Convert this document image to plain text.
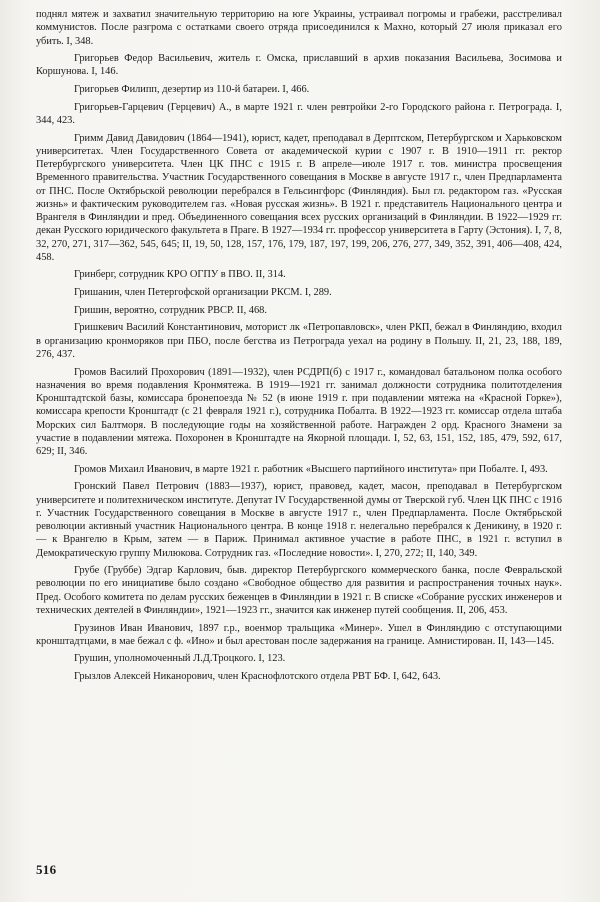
поднял мятеж и захватил значительную территорию на юге Украины, устраивал погромы и грабежи, расстреливал коммунистов. После разгрома с остатками своего отряда присоединился к Махно, который 27 июля приказал его убить. I, 348.

Григорьев Федор Васильевич, житель г. Омска, приславший в архив показания Васильева, Зосимова и Коршунова. I, 146.

Григорьев Филипп, дезертир из 110-й батареи. I, 466.

Григорьев-Гарцевич (Герцевич) А., в марте 1921 г. член ревтройки 2-го Городского района г. Петрограда. I, 344, 423.

Гримм Давид Давидович (1864—1941), юрист, кадет, преподавал в Дерптском, Петербургском и Харьковском университетах. Член Государственного Совета от академической курии с 1907 г. В 1910—1911 гг. ректор Петербургского университета. Член ЦК ПНС с 1915 г. В апреле—июле 1917 г. тов. министра просвещения Временного правительства. Участник Государственного совещания в Москве в августе 1917 г., член Предпарламента от ПНС. После Октябрьской революции перебрался в Гельсингфорс (Финляндия). Был гл. редактором газ. «Русская жизнь» и фактическим руководителем газ. «Новая русская жизнь». В 1921 г. представитель Национального центра и Врангеля в Финляндии и пред. Объединенного совещания всех русских организаций в Финляндии. В 1922—1929 гг. декан Русского юридического факультета в Праге. В 1927—1934 гг. профессор университета в Гарту (Эстония). I, 7, 8, 32, 270, 271, 317—362, 545, 645; II, 19, 50, 128, 157, 176, 179, 187, 197, 199, 206, 276, 277, 349, 352, 391, 406—408, 424, 458.

Гринберг, сотрудник КРО ОГПУ в ПВО. II, 314.

Гришанин, член Петергофской организации РКСМ. I, 289.

Гришин, вероятно, сотрудник РВСР. II, 468.

Гришкевич Василий Константинович, моторист лк «Петропавловск», член РКП, бежал в Финляндию, входил в организацию кронморяков при ПБО, после бегства из Петрограда уехал на родину в Польшу. II, 21, 23, 188, 189, 276, 437.

Громов Василий Прохорович (1891—1932), член РСДРП(б) с 1917 г., командовал батальоном полка особого назначения во время подавления Кронмятежа. В 1919—1921 гг. занимал должности сотрудника политотделения Кронштадтской базы, комиссара бронепоезда № 52 (в июне 1919 г. при подавлении мятежа на «Красной Горке»), комиссара крепости Кронштадт (с 21 февраля 1921 г.), сотрудника Побалта. В 1922—1923 гг. комиссар отдела штаба Морских сил Балтморя. В последующие годы на хозяйственной работе. Награжден 2 орд. Красного Знамени за участие в подавлении мятежа. Похоронен в Кронштадте на Якорной площади. I, 52, 63, 151, 152, 185, 479, 592, 617, 629; II, 346.

Громов Михаил Иванович, в марте 1921 г. работник «Высшего партийного института» при Побалте. I, 493.

Гронский Павел Петрович (1883—1937), юрист, правовед, кадет, масон, преподавал в Петербургском университете и политехническом институте. Депутат IV Государственной думы от Тверской губ. Член ЦК ПНС с 1916 г. Участник Государственного совещания в Москве в августе 1917 г., член Предпарламента. После Октябрьской революции активный участник Национального центра. В конце 1918 г. нелегально перебрался к Деникину, в 1920 г. — к Врангелю в Крым, затем — в Париж. Принимал активное участие в работе ПНС, в 1921 г. вступил в Демократическую группу Милюкова. Сотрудник газ. «Последние новости». I, 270, 272; II, 140, 349.

Грубе (Груббе) Эдгар Карлович, быв. директор Петербургского коммерческого банка, после Февральской революции по его инициативе было создано «Свободное общество для развития и распространения точных наук». Пред. Особого комитета по делам русских беженцев в Финляндии в 1921 г. В списке «Собрание русских инженеров и технических деятелей в Финляндии», 1921—1923 гг., значится как инженер путей сообщения. II, 206, 453.

Грузинов Иван Иванович, 1897 г.р., военмор тральщика «Минер». Ушел в Финляндию с отступающими кронштадтцами, в мае бежал с ф. «Ино» и был арестован после задержания на границе. Амнистирован. II, 143—145.

Грушин, уполномоченный Л.Д.Троцкого. I, 123.

Грызлов Алексей Никанорович, член Краснофлотского отдела РВТ БФ. I, 642, 643.

516
